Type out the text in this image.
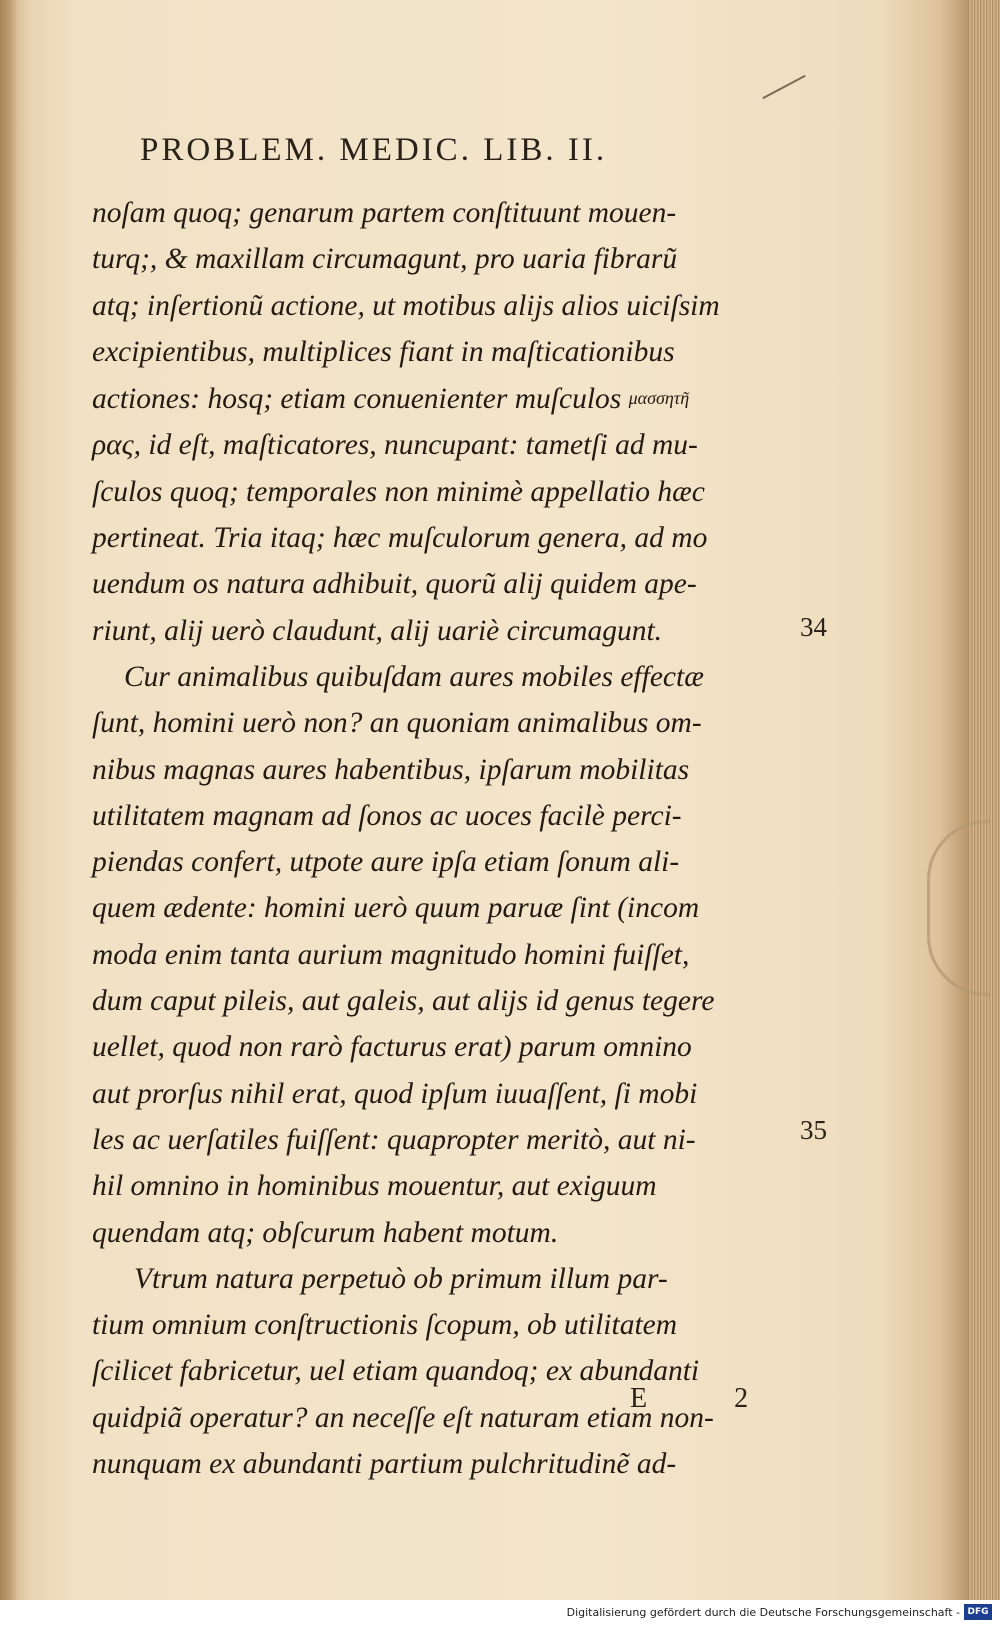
PROBLEM. MEDIC. LIB. II.
noſam quoq; genarum partem conſtituunt mouen-
turq;, & maxillam circumagunt, pro uaria fibrarũ
atq; inſertionũ actione, ut motibus alijs alios uiciſsim
excipientibus, multiplices fiant in maſticationibus
actiones: hosq; etiam conuenienter muſculos μασσητῆ
ρας, id eſt, maſticatores, nuncupant: tametſi ad mu-
ſculos quoq; temporales non minimè appellatio hæc
pertineat. Tria itaq; hæc muſculorum genera, ad mo
uendum os natura adhibuit, quorũ alij quidem ape-
riunt, alij uerò claudunt, alij uariè circumagunt.
Cur animalibus quibuſdam aures mobiles effectæ
ſunt, homini uerò non? an quoniam animalibus om-
nibus magnas aures habentibus, ipſarum mobilitas
utilitatem magnam ad ſonos ac uoces facilè perci-
piendas confert, utpote aure ipſa etiam ſonum ali-
quem ædente: homini uerò quum paruæ ſint (incom
moda enim tanta aurium magnitudo homini fuiſſet,
dum caput pileis, aut galeis, aut alijs id genus tegere
uellet, quod non rarò facturus erat) parum omnino
aut prorſus nihil erat, quod ipſum iuuaſſent, ſi mobi
les ac uerſatiles fuiſſent: quapropter meritò, aut ni-
hil omnino in hominibus mouentur, aut exiguum
quendam atq; obſcurum habent motum.
Vtrum natura perpetuò ob primum illum par-
tium omnium conſtructionis ſcopum, ob utilitatem
ſcilicet fabricetur, uel etiam quandoq; ex abundanti
quidpiã operatur? an neceſſe eſt naturam etiam non-
nunquam ex abundanti partium pulchritudinẽ ad-
34
35
E 2
Digitalisierung gefördert durch die Deutsche Forschungsgemeinschaft - DFG
